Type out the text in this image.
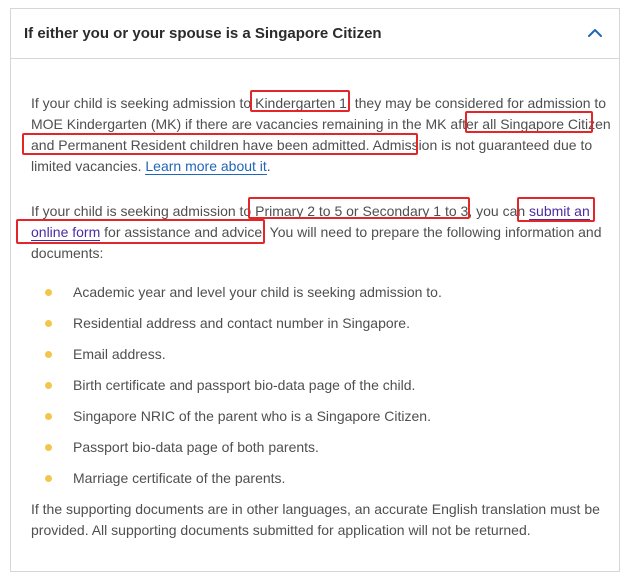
If either you or your spouse is a Singapore Citizen
If your child is seeking admission to Kindergarten 1, they may be considered for admission to MOE Kindergarten (MK) if there are vacancies remaining in the MK after all Singapore Citizen and Permanent Resident children have been admitted. Admission is not guaranteed due to limited vacancies. Learn more about it.
If your child is seeking admission to Primary 2 to 5 or Secondary 1 to 3, you can submit an online form for assistance and advice. You will need to prepare the following information and documents:
Academic year and level your child is seeking admission to.
Residential address and contact number in Singapore.
Email address.
Birth certificate and passport bio-data page of the child.
Singapore NRIC of the parent who is a Singapore Citizen.
Passport bio-data page of both parents.
Marriage certificate of the parents.
If the supporting documents are in other languages, an accurate English translation must be provided. All supporting documents submitted for application will not be returned.
